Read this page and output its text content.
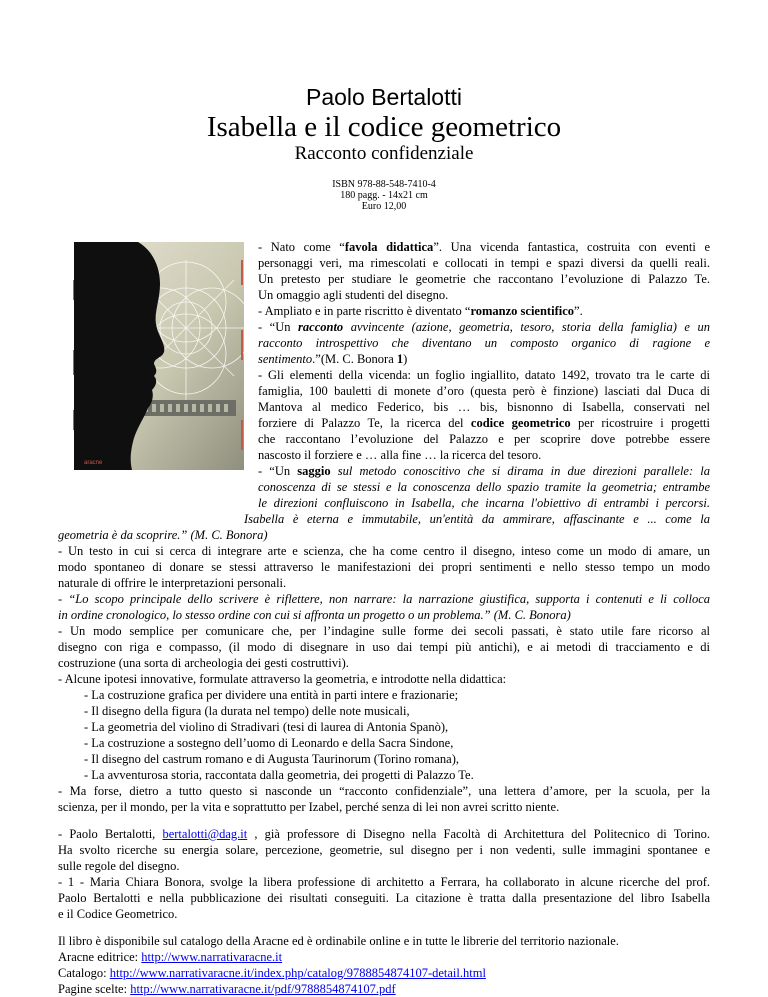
Paolo Bertalotti
Isabella e il codice geometrico
Racconto confidenziale
ISBN 978-88-548-7410-4
180 pagg. - 14x21 cm
Euro 12,00
aracne
- Nato come “favola didattica”. Una vicenda fantastica, costruita con eventi e
personaggi veri, ma rimescolati e collocati in tempi e spazi diversi da quelli reali.
Un pretesto per studiare le geometrie che raccontano l’evoluzione di Palazzo Te.
Un omaggio agli studenti del disegno.
- Ampliato e in parte riscritto è diventato “romanzo scientifico”.
- “Un racconto avvincente (azione, geometria, tesoro, storia della famiglia) e un
racconto introspettivo che diventano un composto organico di ragione e
sentimento.”(M. C. Bonora 1)
- Gli elementi della vicenda: un foglio ingiallito, datato 1492, trovato tra le carte di
famiglia, 100 bauletti di monete d’oro (questa però è finzione) lasciati dal Duca di
Mantova al medico Federico, bis … bis, bisnonno di Isabella, conservati nel
forziere di Palazzo Te, la ricerca del codice geometrico per ricostruire i progetti
che raccontano l’evoluzione del Palazzo e per scoprire dove potrebbe essere
nascosto il forziere e … alla fine … la ricerca del tesoro.
- “Un saggio sul metodo conoscitivo che si dirama in due direzioni parallele: la
conoscenza di se stessi e la conoscenza dello spazio tramite la geometria; entrambe
le direzioni confluiscono in Isabella, che incarna l'obiettivo di entrambi i percorsi.
Isabella è eterna e immutabile, un'entità da ammirare, affascinante e ... come la
geometria è da scoprire.” (M. C. Bonora)
- Un testo in cui si cerca di integrare arte e scienza, che ha come centro il disegno, inteso come un modo di amare, un
modo spontaneo di donare se stessi attraverso le manifestazioni dei propri sentimenti e nello stesso tempo un modo
naturale di offrire le interpretazioni personali.
- “Lo scopo principale dello scrivere è riflettere, non narrare: la narrazione giustifica, supporta i contenuti e li colloca
in ordine cronologico, lo stesso ordine con cui si affronta un progetto o un problema.” (M. C. Bonora)
- Un modo semplice per comunicare che, per l’indagine sulle forme dei secoli passati, è stato utile fare ricorso al
disegno con riga e compasso, (il modo di disegnare in uso dai tempi più antichi), e ai metodi di tracciamento e di
costruzione (una sorta di archeologia dei gesti costruttivi).
- Alcune ipotesi innovative, formulate attraverso la geometria, e introdotte nella didattica:
- La costruzione grafica per dividere una entità in parti intere e frazionarie;
- Il disegno della figura (la durata nel tempo) delle note musicali,
- La geometria del violino di Stradivari (tesi di laurea di Antonia Spanò),
- La costruzione a sostegno dell’uomo di Leonardo e della Sacra Sindone,
- Il disegno del castrum romano e di Augusta Taurinorum (Torino romana),
- La avventurosa storia, raccontata dalla geometria, dei progetti di Palazzo Te.
- Ma forse, dietro a tutto questo si nasconde un “racconto confidenziale”, una lettera d’amore, per la scuola, per la
scienza, per il mondo, per la vita e soprattutto per Izabel, perché senza di lei non avrei scritto niente.
- Paolo Bertalotti, bertalotti@dag.it , già professore di Disegno nella Facoltà di Architettura del Politecnico di Torino.
Ha svolto ricerche su energia solare, percezione, geometrie, sul disegno per i non vedenti, sulle immagini spontanee e
sulle regole del disegno.
- 1 - Maria Chiara Bonora, svolge la libera professione di architetto a Ferrara, ha collaborato in alcune ricerche del prof.
Paolo Bertalotti e nella pubblicazione dei risultati conseguiti. La citazione è tratta dalla presentazione del libro Isabella
e il Codice Geometrico.
Il libro è disponibile sul catalogo della Aracne ed è ordinabile online e in tutte le librerie del territorio nazionale.
Aracne editrice: http://www.narrativaracne.it
Catalogo: http://www.narrativaracne.it/index.php/catalog/9788854874107-detail.html
Pagine scelte: http://www.narrativaracne.it/pdf/9788854874107.pdf
